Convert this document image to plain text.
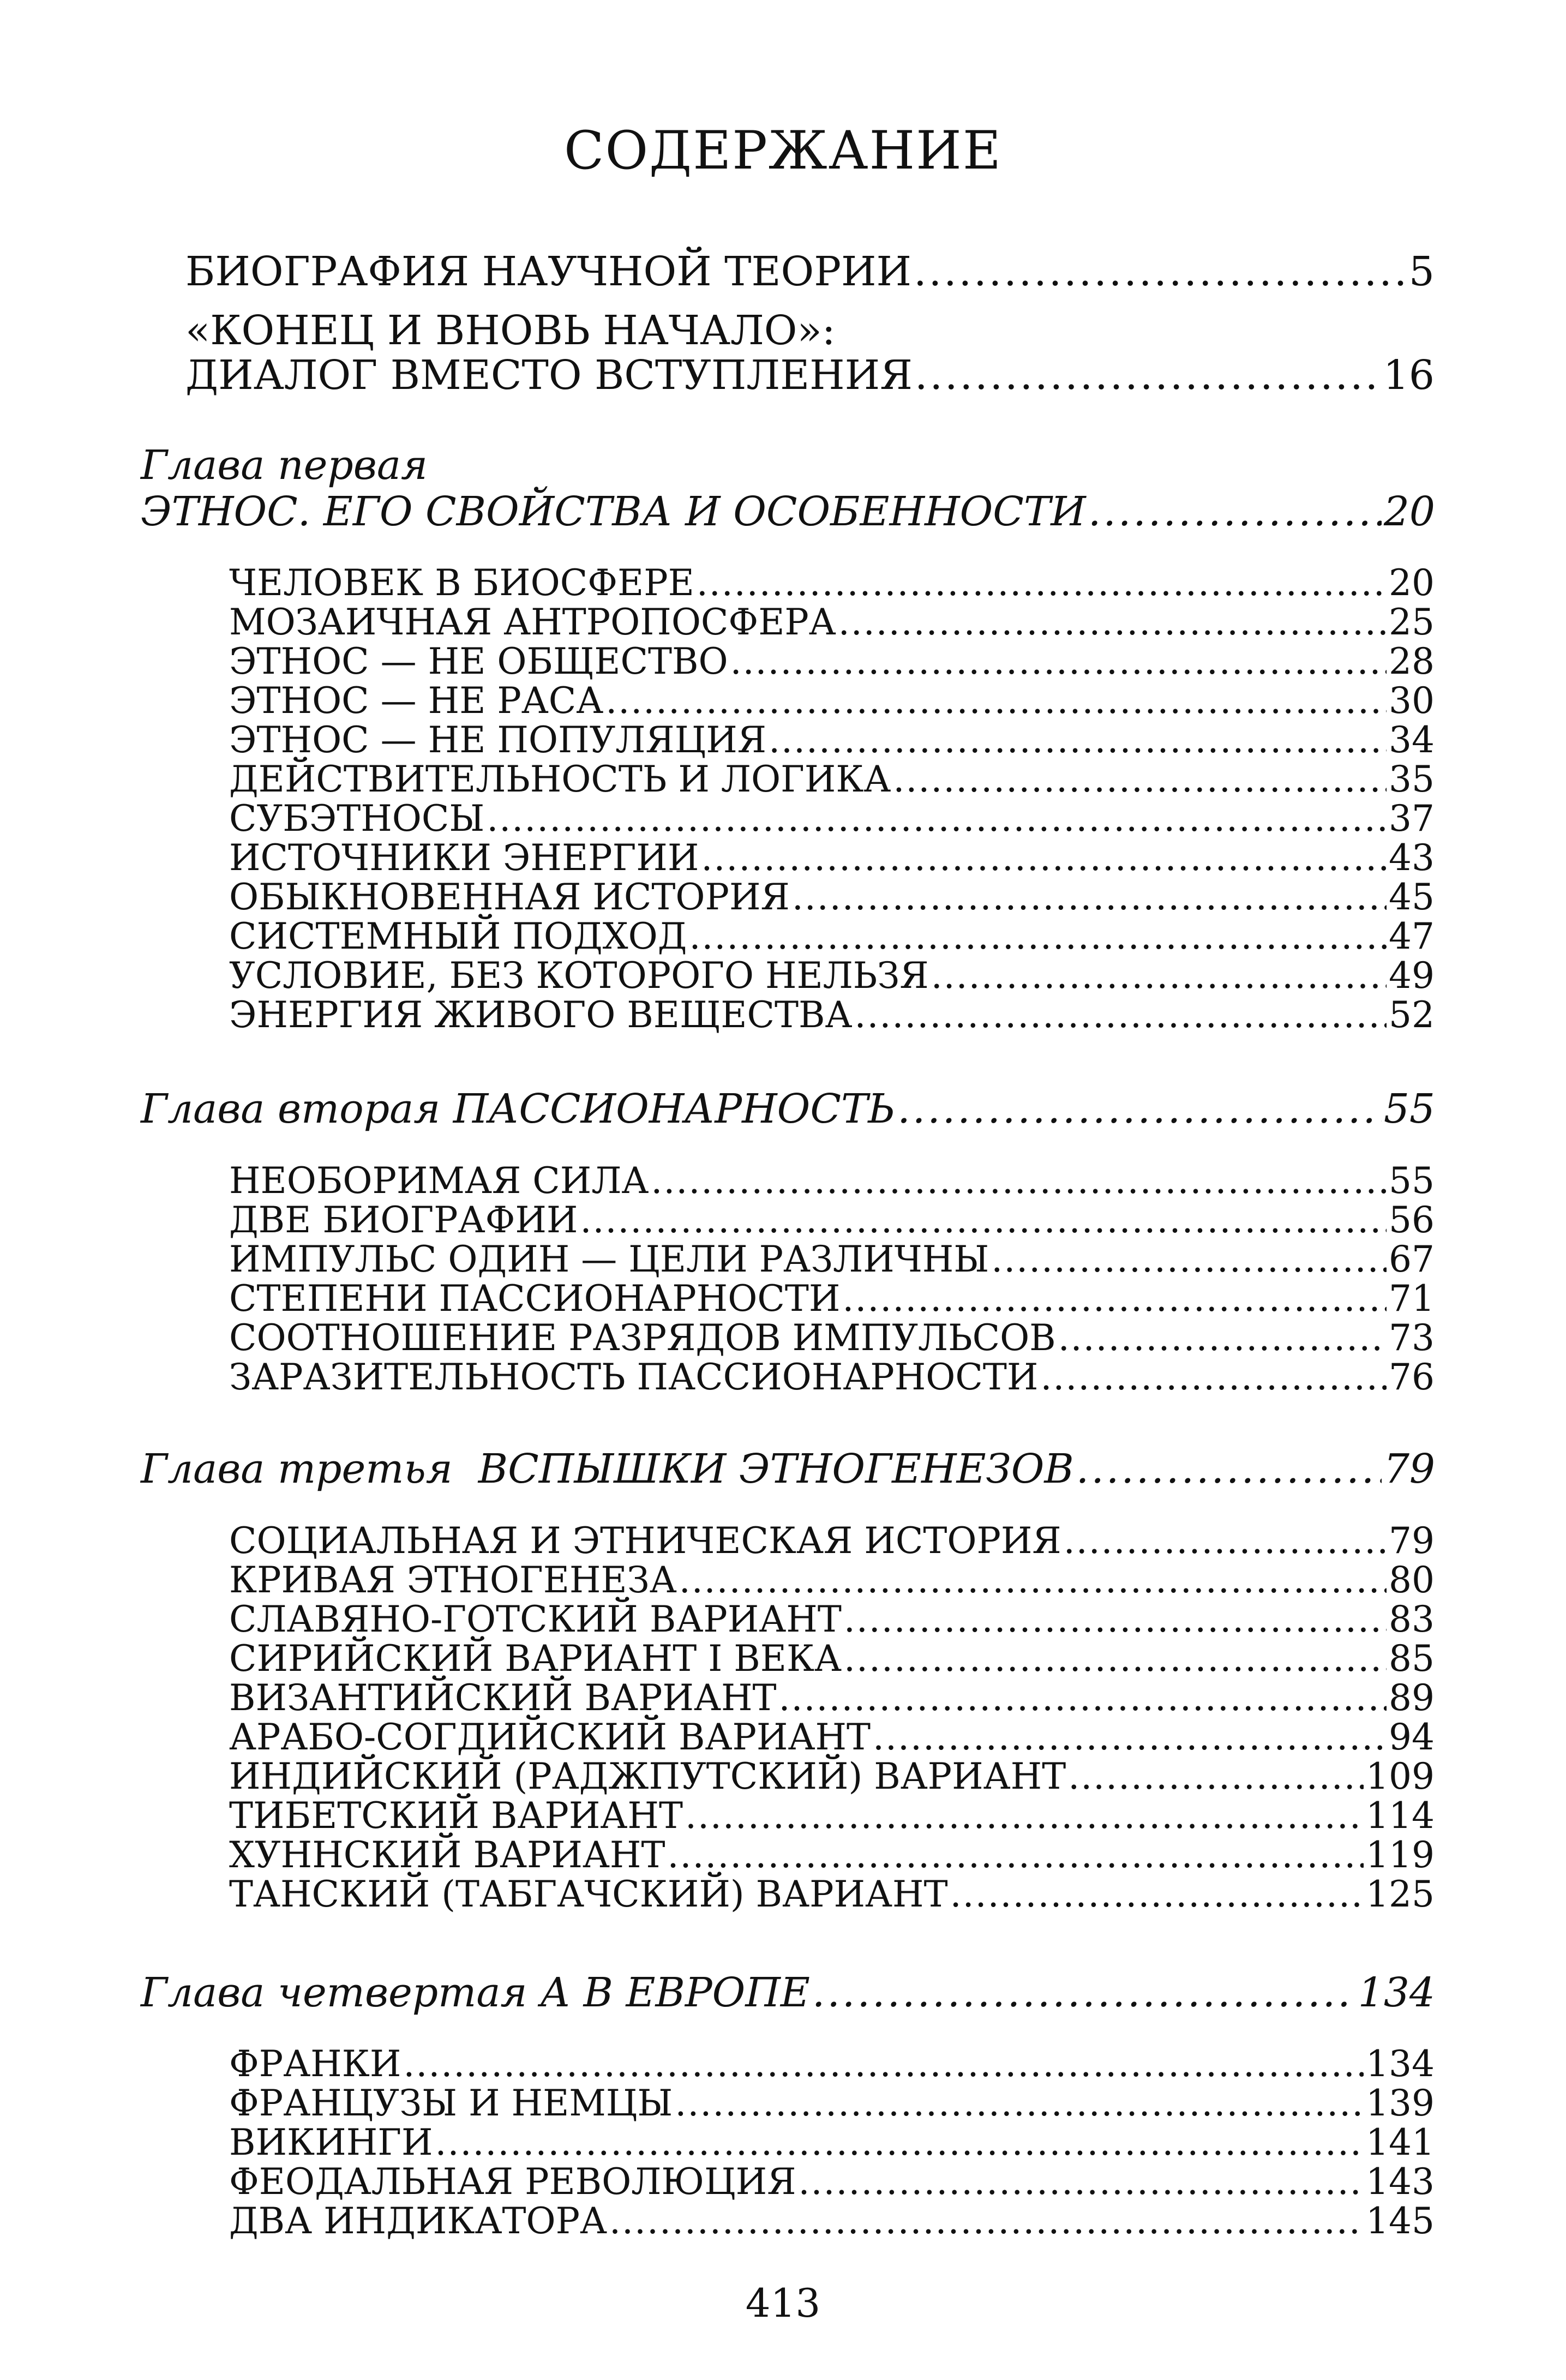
СОДЕРЖАНИЕ
БИОГРАФИЯ НАУЧНОЙ ТЕОРИИ .....	5
«КОНЕЦ И ВНОВЬ НАЧАЛО»:
ДИАЛОГ ВМЕСТО ВСТУПЛЕНИЯ .....	16
Глава первая
ЭТНОС. ЕГО СВОЙСТВА И ОСОБЕННОСТИ .....	20
ЧЕЛОВЕК В БИОСФЕРЕ .....	20
МОЗАИЧНАЯ АНТРОПОСФЕРА .....	25
ЭТНОС — НЕ ОБЩЕСТВО .....	28
ЭТНОС — НЕ РАСА .....	30
ЭТНОС — НЕ ПОПУЛЯЦИЯ .....	34
ДЕЙСТВИТЕЛЬНОСТЬ И ЛОГИКА .....	35
СУБЭТНОСЫ .....	37
ИСТОЧНИКИ ЭНЕРГИИ .....	43
ОБЫКНОВЕННАЯ ИСТОРИЯ .....	45
СИСТЕМНЫЙ ПОДХОД .....	47
УСЛОВИЕ, БЕЗ КОТОРОГО НЕЛЬЗЯ .....	49
ЭНЕРГИЯ ЖИВОГО ВЕЩЕСТВА .....	52
Глава вторая ПАССИОНАРНОСТЬ .....	55
НЕОБОРИМАЯ СИЛА .....	55
ДВЕ БИОГРАФИИ .....	56
ИМПУЛЬС ОДИН — ЦЕЛИ РАЗЛИЧНЫ .....	67
СТЕПЕНИ ПАССИОНАРНОСТИ .....	71
СООТНОШЕНИЕ РАЗРЯДОВ ИМПУЛЬСОВ .....	73
ЗАРАЗИТЕЛЬНОСТЬ ПАССИОНАРНОСТИ .....	76
Глава третья ВСПЫШКИ ЭТНОГЕНЕЗОВ .....	79
СОЦИАЛЬНАЯ И ЭТНИЧЕСКАЯ ИСТОРИЯ .....	79
КРИВАЯ ЭТНОГЕНЕЗА .....	80
СЛАВЯНО-ГОТСКИЙ ВАРИАНТ .....	83
СИРИЙСКИЙ ВАРИАНТ I ВЕКА .....	85
ВИЗАНТИЙСКИЙ ВАРИАНТ .....	89
АРАБО-СОГДИЙСКИЙ ВАРИАНТ .....	94
ИНДИЙСКИЙ (РАДЖПУТСКИЙ) ВАРИАНТ .....	109
ТИБЕТСКИЙ ВАРИАНТ .....	114
ХУННСКИЙ ВАРИАНТ .....	119
ТАНСКИЙ (ТАБГАЧСКИЙ) ВАРИАНТ .....	125
Глава четвертая А В ЕВРОПЕ .....	134
ФРАНКИ .....	134
ФРАНЦУЗЫ И НЕМЦЫ .....	139
ВИКИНГИ .....	141
ФЕОДАЛЬНАЯ РЕВОЛЮЦИЯ .....	143
ДВА ИНДИКАТОРА .....	145
413
